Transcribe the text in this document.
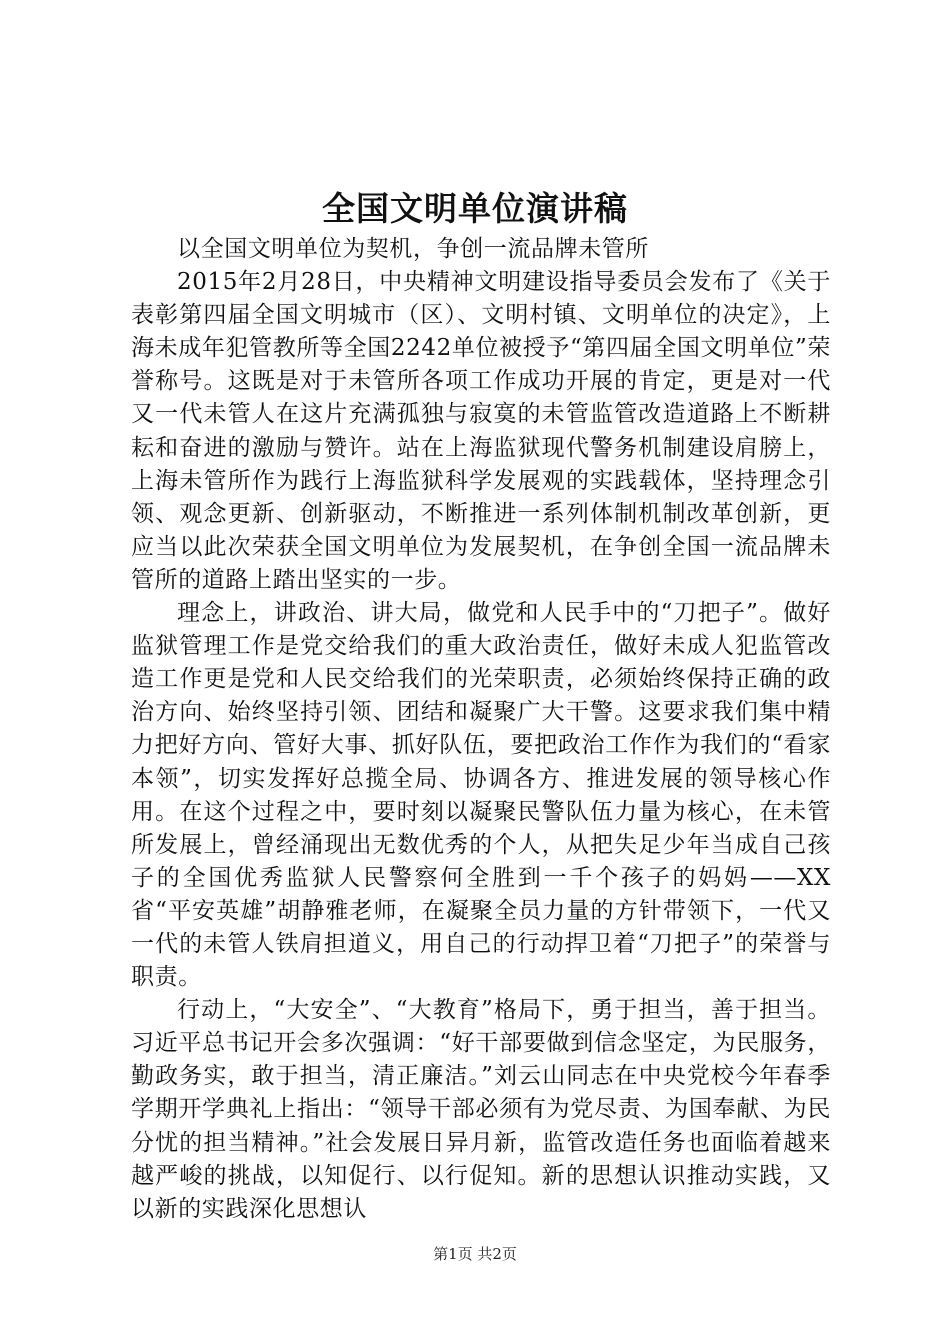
全国文明单位演讲稿

以全国文明单位为契机，争创一流品牌未管所

2015年2月28日，中央精神文明建设指导委员会发布了《关于表彰第四届全国文明城市（区）、文明村镇、文明单位的决定》，上海未成年犯管教所等全国2242单位被授予“第四届全国文明单位”荣誉称号。这既是对于未管所各项工作成功开展的肯定，更是对一代又一代未管人在这片充满孤独与寂寞的未管监管改造道路上不断耕耘和奋进的激励与赞许。站在上海监狱现代警务机制建设肩膀上，上海未管所作为践行上海监狱科学发展观的实践载体，坚持理念引领、观念更新、创新驱动，不断推进一系列体制机制改革创新，更应当以此次荣获全国文明单位为发展契机，在争创全国一流品牌未管所的道路上踏出坚实的一步。

理念上，讲政治、讲大局，做党和人民手中的“刀把子”。做好监狱管理工作是党交给我们的重大政治责任，做好未成人犯监管改造工作更是党和人民交给我们的光荣职责，必须始终保持正确的政治方向、始终坚持引领、团结和凝聚广大干警。这要求我们集中精力把好方向、管好大事、抓好队伍，要把政治工作作为我们的“看家本领”，切实发挥好总揽全局、协调各方、推进发展的领导核心作用。在这个过程之中，要时刻以凝聚民警队伍力量为核心，在未管所发展上，曾经涌现出无数优秀的个人，从把失足少年当成自己孩子的全国优秀监狱人民警察何全胜到一千个孩子的妈妈——XX省“平安英雄”胡静雅老师，在凝聚全员力量的方针带领下，一代又一代的未管人铁肩担道义，用自己的行动捍卫着“刀把子”的荣誉与职责。

行动上，“大安全”、“大教育”格局下，勇于担当，善于担当。习近平总书记开会多次强调：“好干部要做到信念坚定，为民服务，勤政务实，敢于担当，清正廉洁。”刘云山同志在中央党校今年春季学期开学典礼上指出：“领导干部必须有为党尽责、为国奉献、为民分忧的担当精神。”社会发展日异月新，监管改造任务也面临着越来越严峻的挑战，以知促行、以行促知。新的思想认识推动实践，又以新的实践深化思想认

第1页 共2页
